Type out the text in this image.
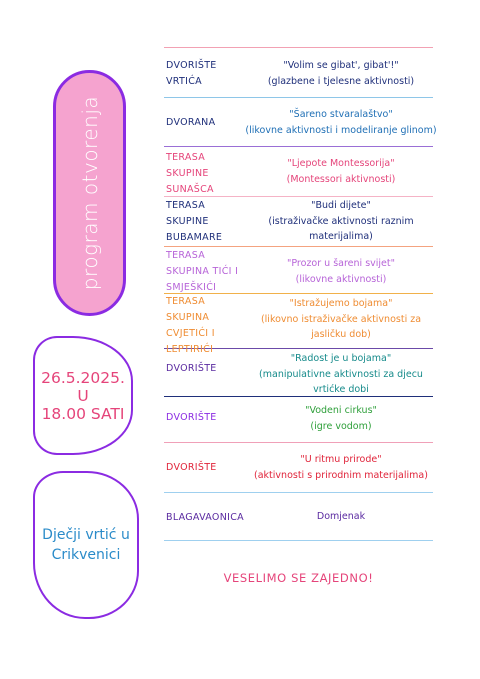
program otvorenja
26.5.2025. U
18.00 SATI
Dječji vrtić u
Crikvenici
DVORIŠTE
VRTIĆA
"Volim se gibat', gibat'!"
(glazbene i tjelesne aktivnosti)
DVORANA
"Šareno stvaralaštvo"
(likovne aktivnosti i modeliranje glinom)
TERASA
SKUPINE
SUNAŠCA
"Ljepote Montessorija"
(Montessori aktivnosti)
TERASA
SKUPINE
BUBAMARE
"Budi dijete"
(istraživačke aktivnosti raznim
materijalima)
TERASA
SKUPINA TIĆI I
SMJEŠKIĆI
"Prozor u šareni svijet"
(likovne aktivnosti)
TERASA
SKUPINA
CVJETIĆI I
LEPTIRIĆI
"Istražujemo bojama"
(likovno istraživačke aktivnosti za
jasličku dob)
DVORIŠTE
"Radost je u bojama"
(manipulativne aktivnosti za djecu
vrtićke dobi
DVORIŠTE
"Vodeni cirkus"
(igre vodom)
DVORIŠTE
"U ritmu prirode"
(aktivnosti s prirodnim materijalima)
BLAGAVAONICA	Domjenak
VESELIMO SE ZAJEDNO!
